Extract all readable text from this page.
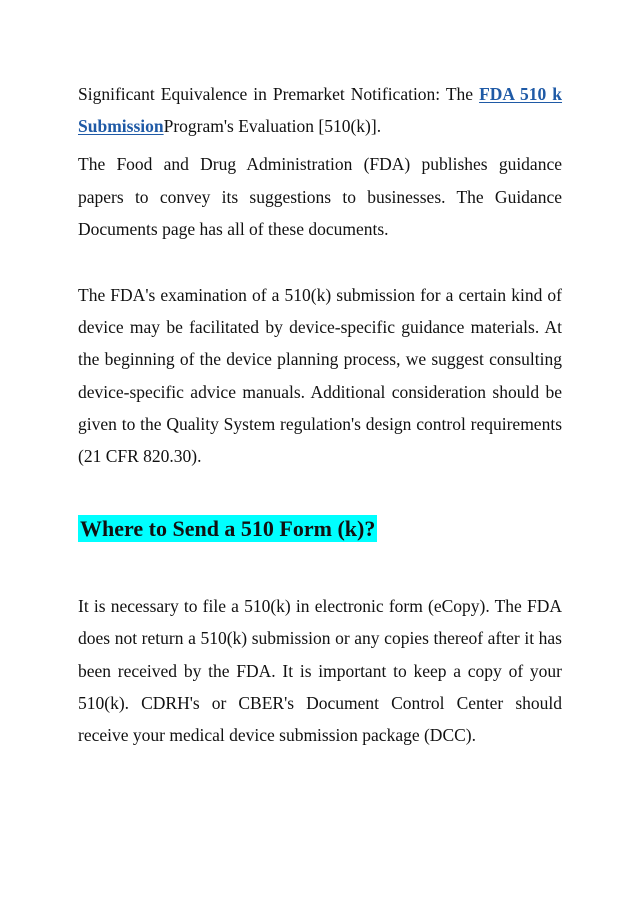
Significant Equivalence in Premarket Notification: The FDA 510 k SubmissionProgram's Evaluation [510(k)].

The Food and Drug Administration (FDA) publishes guidance papers to convey its suggestions to businesses. The Guidance Documents page has all of these documents.

The FDA's examination of a 510(k) submission for a certain kind of device may be facilitated by device-specific guidance materials. At the beginning of the device planning process, we suggest consulting device-specific advice manuals. Additional consideration should be given to the Quality System regulation's design control requirements (21 CFR 820.30).

Where to Send a 510 Form (k)?

It is necessary to file a 510(k) in electronic form (eCopy). The FDA does not return a 510(k) submission or any copies thereof after it has been received by the FDA. It is important to keep a copy of your 510(k). CDRH's or CBER's Document Control Center should receive your medical device submission package (DCC).
